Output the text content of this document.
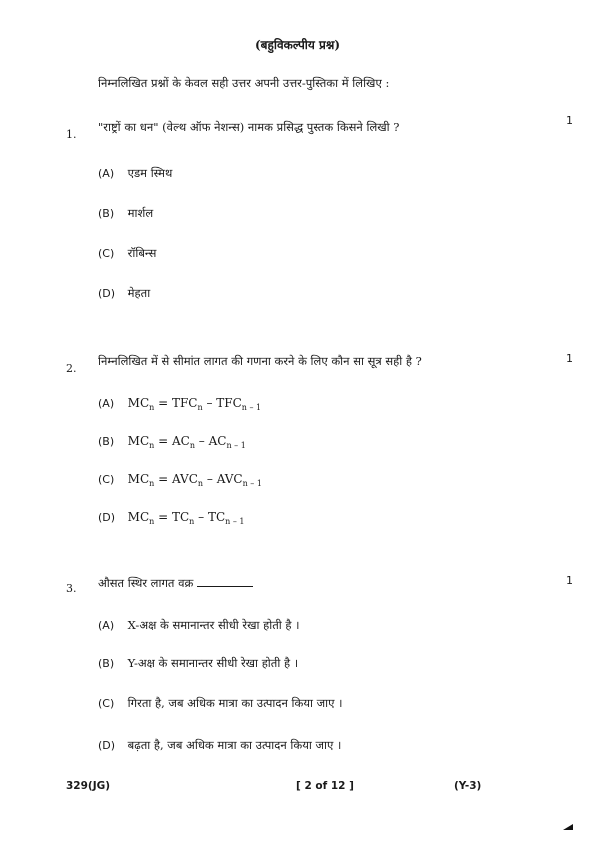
(बहुविकल्पीय प्रश्न)
निम्नलिखित प्रश्नों के केवल सही उत्तर अपनी उत्तर-पुस्तिका में लिखिए :
1.
"राष्ट्रों का धन" (वेल्थ ऑफ नेशन्स) नामक प्रसिद्ध पुस्तक किसने लिखी ?	1
(A) एडम स्मिथ
(B) मार्शल
(C) रॉबिन्स
(D) मेहता
2.
निम्नलिखित में से सीमांत लागत की गणना करने के लिए कौन सा सूत्र सही है ?	1
(A) $MC_n = TFC_n - TFC_{n - 1}$
(B) $MC_n = AC_n - AC_{n - 1}$
(C) $MC_n = AVC_n - AVC_{n - 1}$
(D) $MC_n = TC_n - TC_{n - 1}$
3. औसत स्थिर लागत वक्र	1
(A) X-अक्ष के समानान्तर सीधी रेखा होती है ।
(B) Y-अक्ष के समानान्तर सीधी रेखा होती है ।
(C) गिरता है, जब अधिक मात्रा का उत्पादन किया जाए ।
(D) बढ़ता है, जब अधिक मात्रा का उत्पादन किया जाए ।
329(JG)	[ 2 of 12 ]	(Y-3)
